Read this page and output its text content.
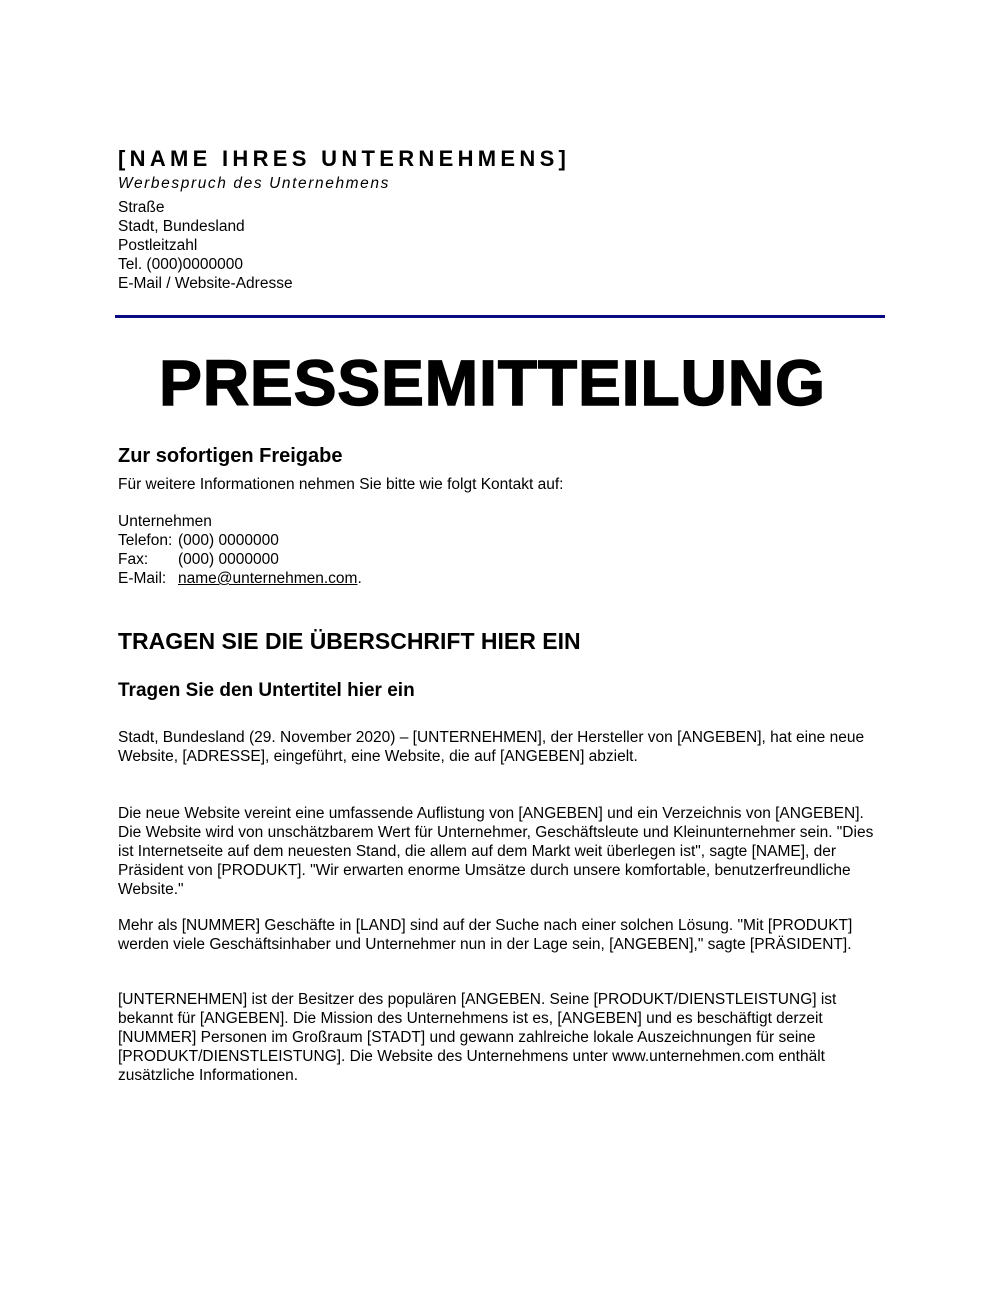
[NAME IHRES UNTERNEHMENS]
Werbespruch des Unternehmens
Straße
Stadt, Bundesland
Postleitzahl
Tel. (000)0000000
E-Mail / Website-Adresse
PRESSEMITTEILUNG
Zur sofortigen Freigabe
Für weitere Informationen nehmen Sie bitte wie folgt Kontakt auf:
Unternehmen
Telefon: (000) 0000000
Fax:	(000) 0000000
E-Mail: name@unternehmen.com .
TRAGEN SIE DIE ÜBERSCHRIFT HIER EIN
Tragen Sie den Untertitel hier ein
Stadt, Bundesland (29. November 2020) – [UNTERNEHMEN], der Hersteller von [ANGEBEN], hat eine neue Website, [ADRESSE], eingeführt, eine Website, die auf [ANGEBEN] abzielt.
Die neue Website vereint eine umfassende Auflistung von [ANGEBEN] und ein Verzeichnis von [ANGEBEN]. Die Website wird von unschätzbarem Wert für Unternehmer, Geschäftsleute und Kleinunternehmer sein. "Dies ist Internetseite auf dem neuesten Stand, die allem auf dem Markt weit überlegen ist", sagte [NAME], der Präsident von [PRODUKT]. "Wir erwarten enorme Umsätze durch unsere komfortable, benutzerfreundliche Website."
Mehr als [NUMMER] Geschäfte in [LAND] sind auf der Suche nach einer solchen Lösung. "Mit [PRODUKT] werden viele Geschäftsinhaber und Unternehmer nun in der Lage sein, [ANGEBEN]," sagte [PRÄSIDENT].
[UNTERNEHMEN] ist der Besitzer des populären [ANGEBEN. Seine [PRODUKT/DIENSTLEISTUNG] ist bekannt für [ANGEBEN]. Die Mission des Unternehmens ist es, [ANGEBEN] und es beschäftigt derzeit [NUMMER] Personen im Großraum [STADT] und gewann zahlreiche lokale Auszeichnungen für seine [PRODUKT/DIENSTLEISTUNG]. Die Website des Unternehmens unter www.unternehmen.com enthält zusätzliche Informationen.
